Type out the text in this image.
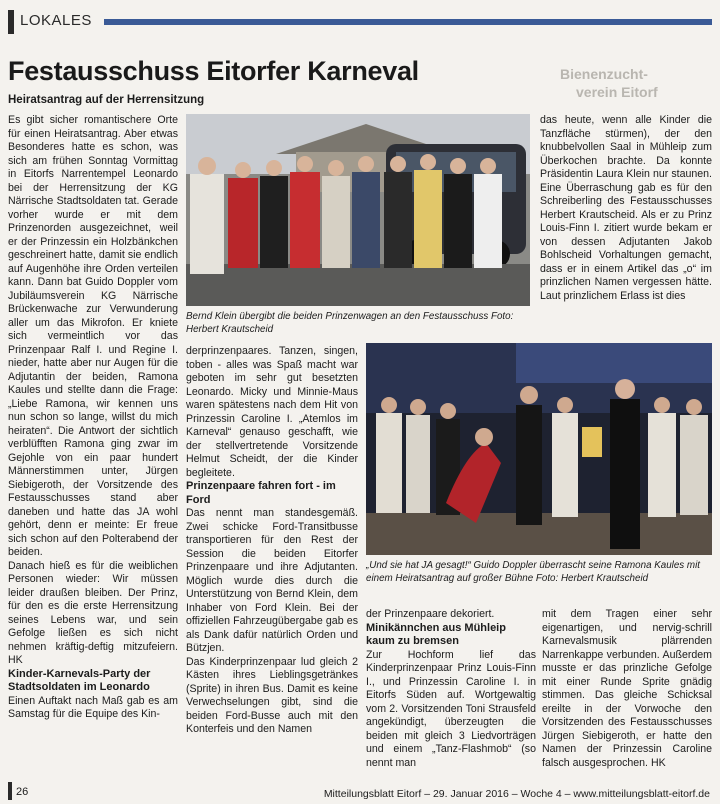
LOKALES
Festausschuss Eitorfer Karneval
Heiratsantrag auf der Herrensitzung
Bienenzucht-
verein Eitorf

Es gibt sicher romantischere Orte für einen Heiratsantrag. Aber etwas Besonderes hatte es schon, was sich am frühen Sonntag Vormittag in Eitorfs Narrentempel Leonardo bei der Herrensitzung der KG Närrische Stadtsoldaten tat. Gerade vorher wurde er mit dem Prinzenorden ausgezeichnet, weil er der Prinzessin ein Holzbänkchen geschreinert hatte, damit sie endlich auf Augenhöhe ihre Orden verteilen kann. Dann bat Guido Doppler vom Jubiläumsverein KG Närrische Brückenwache zur Verwunderung aller um das Mikrofon. Er kniete sich vermeintlich vor das Prinzenpaar Ralf I. und Regine I. nieder, hatte aber nur Augen für die Adjutantin der beiden, Ramona Kaules und stellte dann die Frage: „Liebe Ramona, wir kennen uns nun schon so lange, willst du mich heiraten“. Die Antwort der sichtlich verblüfften Ramona ging zwar im Gejohle von ein paar hundert Männerstimmen unter, Jürgen Siebigeroth, der Vorsitzende des Festausschusses stand aber daneben und hatte das JA wohl gehört, denn er meinte: Er freue sich schon auf den Polterabend der beiden.

Danach hieß es für die weiblichen Personen wieder: Wir müssen leider draußen bleiben. Der Prinz, für den es die erste Herrensitzung seines Lebens war, und sein Gefolge ließen es sich nicht nehmen kräftig-deftig mitzufeiern. HK

Kinder-Karnevals-Party der Stadtsoldaten im Leonardo

Einen Auftakt nach Maß gab es am Samstag für die Equipe des Kin-

Bernd Klein übergibt die beiden Prinzenwagen an den Festausschuss Foto: Herbert Krautscheid

das heute, wenn alle Kinder die Tanzfläche stürmen), der den knubbelvollen Saal in Mühleip zum Überkochen brachte. Da konnte Präsidentin Laura Klein nur staunen. Eine Überraschung gab es für den Schreiberling des Festausschusses Herbert Krautscheid. Als er zu Prinz Louis-Finn I. zitiert wurde bekam er von dessen Adjutanten Jakob Bohlscheid Vorhaltungen gemacht, dass er in einem Artikel das „o“ im prinzlichen Namen vergessen hätte. Laut prinzlichem Erlass ist dies

derprinzenpaares. Tanzen, singen, toben - alles was Spaß macht war geboten im sehr gut besetzten Leonardo. Micky und Minnie-Maus waren spätestens nach dem Hit von Prinzessin Caroline I. „Atemlos im Karneval“ genauso geschafft, wie der stellvertretende Vorsitzende Helmut Scheidt, der die Kinder begleitete.

Prinzenpaare fahren fort - im Ford

Das nennt man standesgemäß. Zwei schicke Ford-Transitbusse transportieren für den Rest der Session die beiden Eitorfer Prinzenpaare und ihre Adjutanten. Möglich wurde dies durch die Unterstützung von Bernd Klein, dem Inhaber von Ford Klein. Bei der offiziellen Fahrzeugübergabe gab es als Dank dafür natürlich Orden und Bützjen.

Das Kinderprinzenpaar lud gleich 2 Kästen ihres Lieblingsgetränkes (Sprite) in ihren Bus. Damit es keine Verwechselungen gibt, sind die beiden Ford-Busse auch mit den Konterfeis und den Namen

„Und sie hat JA gesagt!“ Guido Doppler überrascht seine Ramona Kaules mit einem Heiratsantrag auf großer Bühne Foto: Herbert Krautscheid

der Prinzenpaare dekoriert.

Minikännchen aus Mühleip kaum zu bremsen

Zur Hochform lief das Kinderprinzenpaar Prinz Louis-Finn I., und Prinzessin Caroline I. in Eitorfs Süden auf. Wortgewaltig vom 2. Vorsitzenden Toni Strausfeld angekündigt, überzeugten die beiden mit gleich 3 Liedvorträgen und einem „Tanz-Flashmob“ (so nennt man

mit dem Tragen einer sehr eigenartigen, und nervig-schrill Karnevalsmusik plärrenden Narrenkappe verbunden. Außerdem musste er das prinzliche Gefolge mit einer Runde Sprite gnädig stimmen. Das gleiche Schicksal ereilte in der Vorwoche den Vorsitzenden des Festausschusses Jürgen Siebigeroth, er hatte den Namen der Prinzessin Caroline falsch ausgesprochen. HK

26	Mitteilungsblatt Eitorf – 29. Januar 2016 – Woche 4 – www.mitteilungsblatt-eitorf.de
